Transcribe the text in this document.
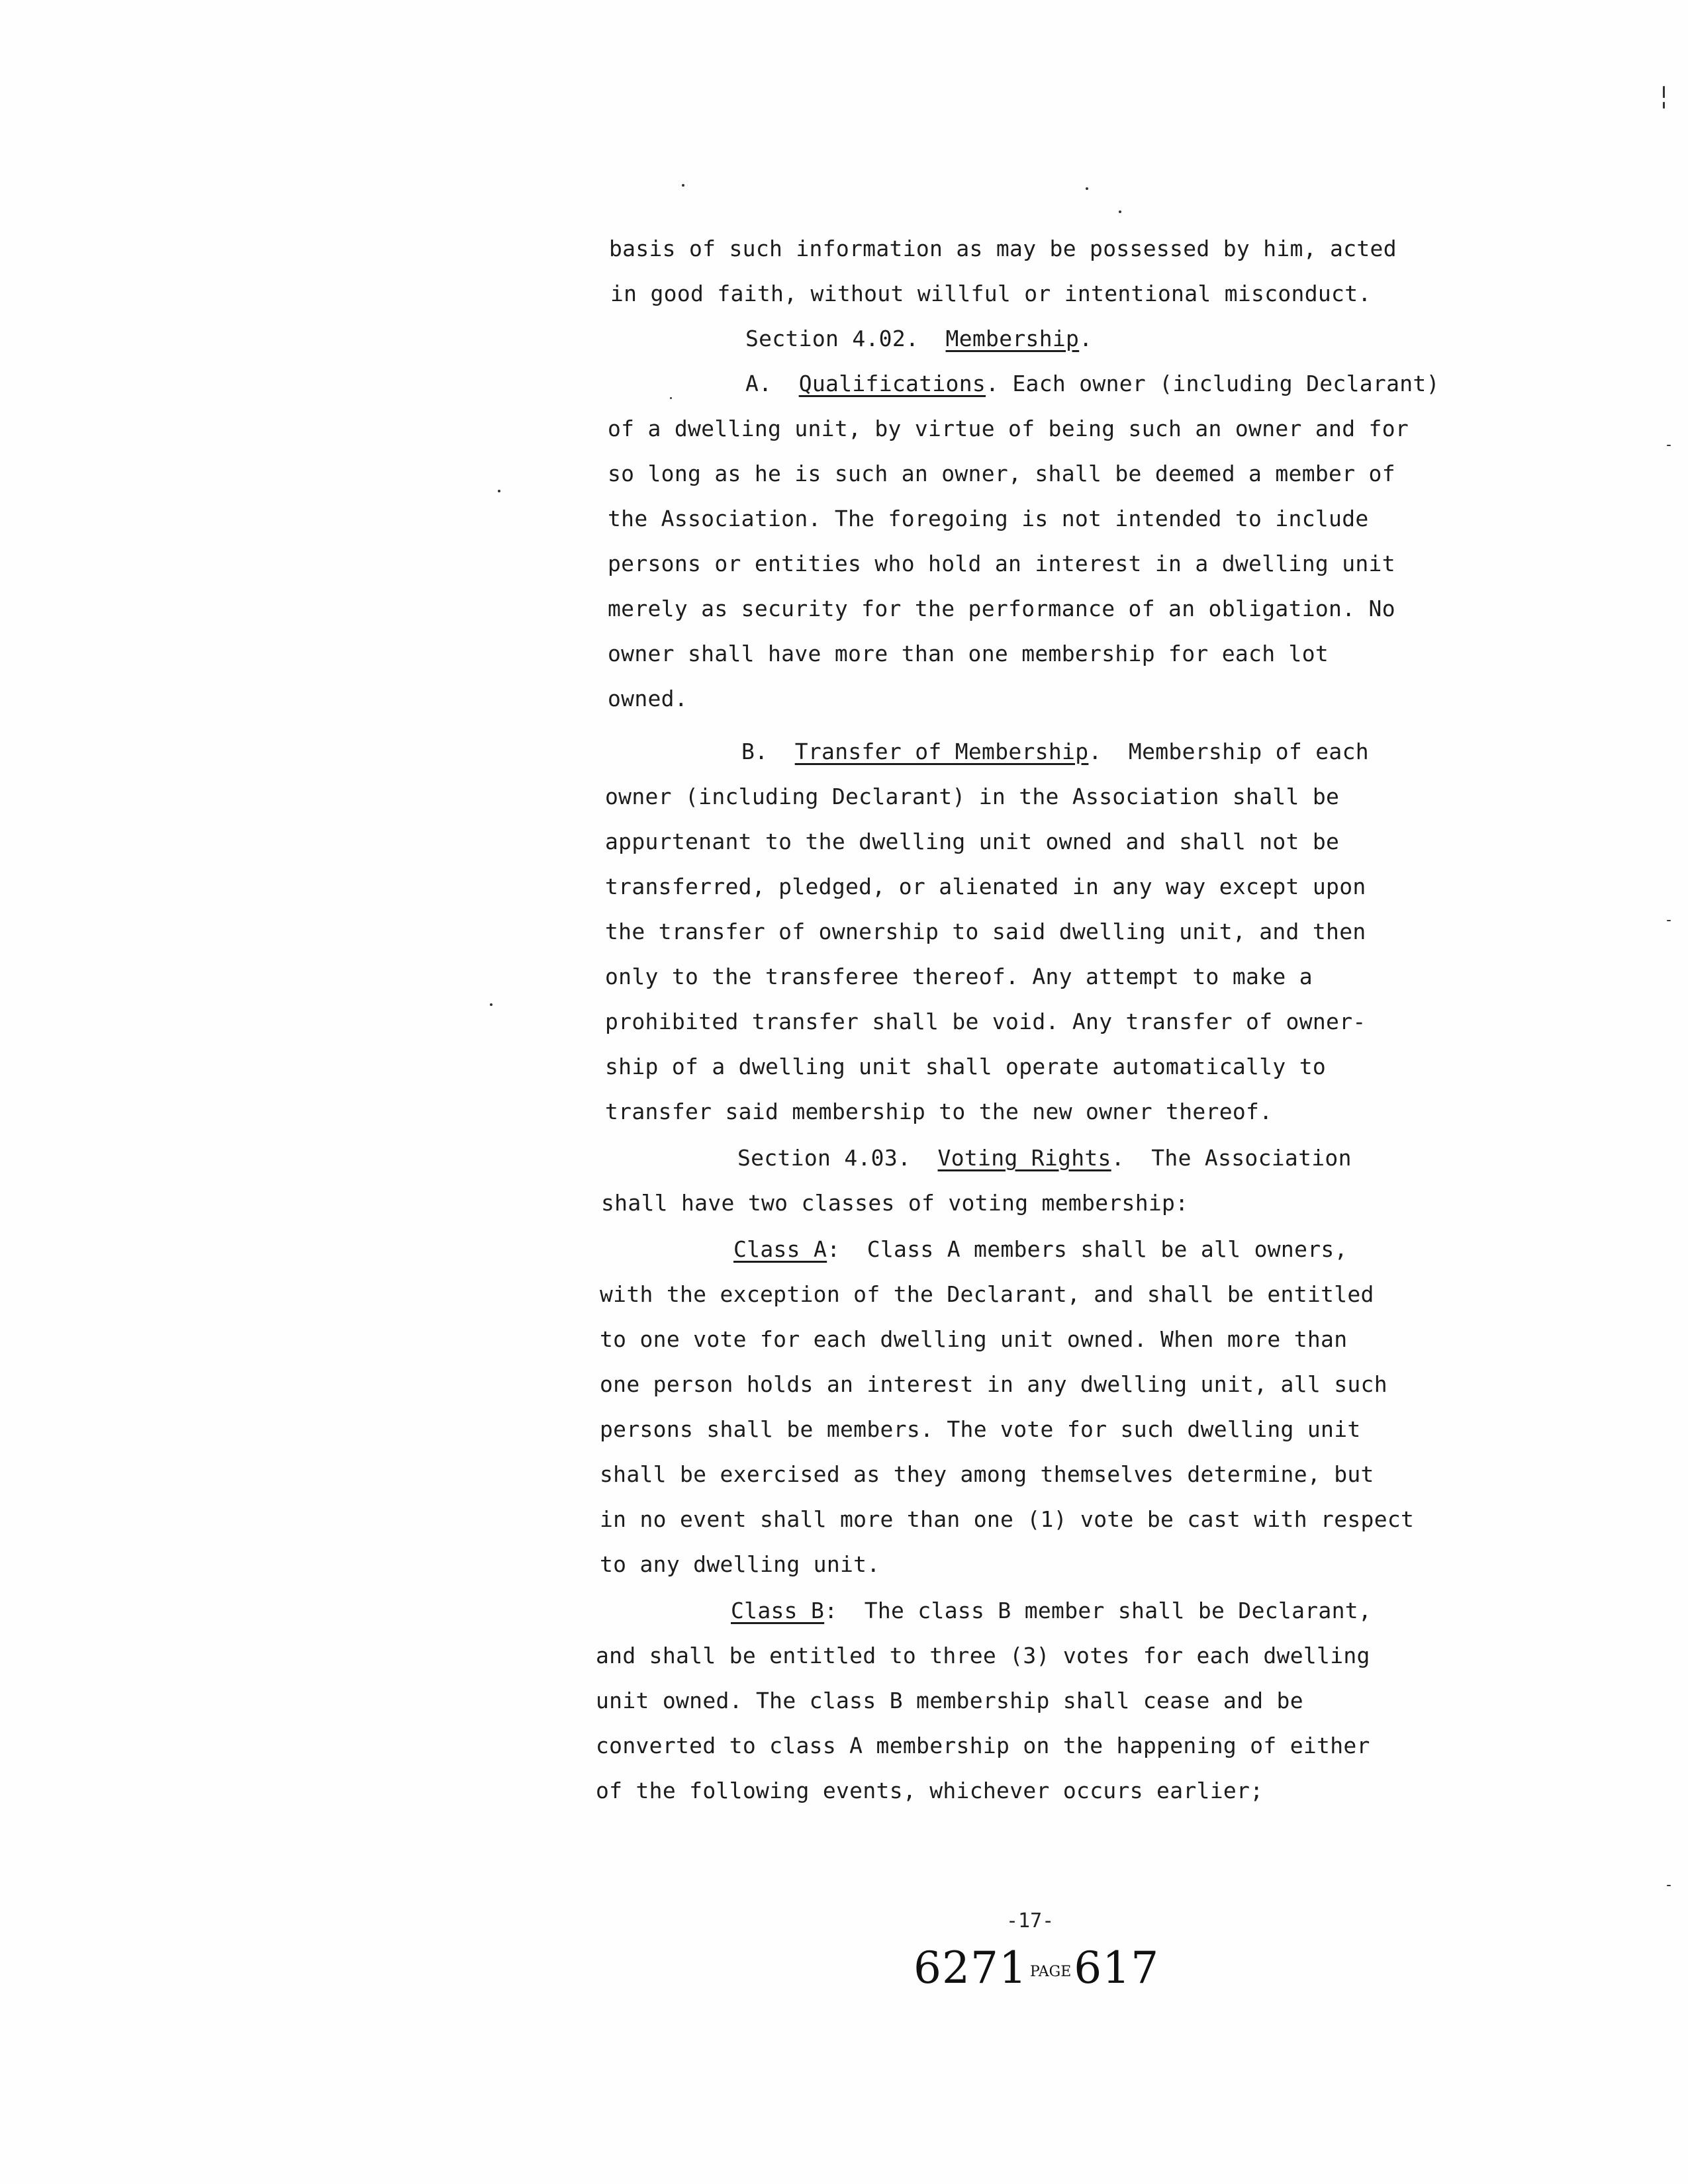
basis of such information as may be possessed by him, acted
in good faith, without willful or intentional misconduct.
Section 4.02. Membership.
A. Qualifications. Each owner (including Declarant)
of a dwelling unit, by virtue of being such an owner and for
so long as he is such an owner, shall be deemed a member of
the Association. The foregoing is not intended to include
persons or entities who hold an interest in a dwelling unit
merely as security for the performance of an obligation. No
owner shall have more than one membership for each lot
owned.
B. Transfer of Membership.  Membership of each
owner (including Declarant) in the Association shall be
appurtenant to the dwelling unit owned and shall not be
transferred, pledged, or alienated in any way except upon
the transfer of ownership to said dwelling unit, and then
only to the transferee thereof. Any attempt to make a
prohibited transfer shall be void. Any transfer of owner-
ship of a dwelling unit shall operate automatically to
transfer said membership to the new owner thereof.
Section 4.03. Voting Rights.  The Association
shall have two classes of voting membership:
Class A:  Class A members shall be all owners,
with the exception of the Declarant, and shall be entitled
to one vote for each dwelling unit owned. When more than
one person holds an interest in any dwelling unit, all such
persons shall be members. The vote for such dwelling unit
shall be exercised as they among themselves determine, but
in no event shall more than one (1) vote be cast with respect
to any dwelling unit.
Class B:  The class B member shall be Declarant,
and shall be entitled to three (3) votes for each dwelling
unit owned. The class B membership shall cease and be
converted to class A membership on the happening of either
of the following events, whichever occurs earlier;
-17-
6271 PAGE617
